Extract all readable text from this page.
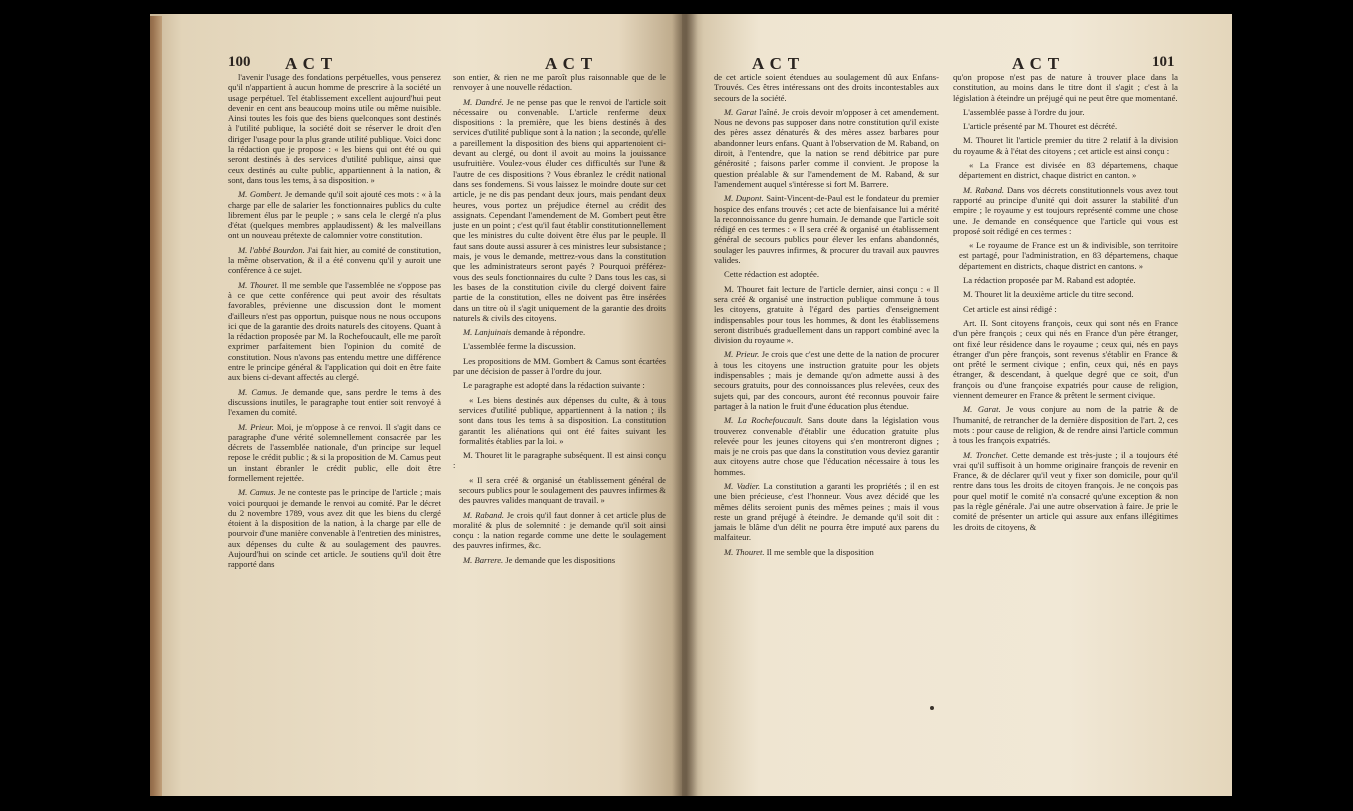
100 A C T	A C T

l'avenir l'usage des fondations perpétuelles, vous penserez qu'il n'appartient à aucun homme de prescrire à la société un usage perpétuel. Tel établissement excellent aujourd'hui peut devenir en cent ans beaucoup moins utile ou même nuisible. Ainsi toutes les fois que des biens quelconques sont destinés à l'utilité publique, la société doit se réserver le droit d'en diriger l'usage pour la plus grande utilité publique. Voici donc la rédaction que je propose : « les biens qui ont été ou qui seront destinés à des services d'utilité publique, ainsi que ceux destinés au culte public, appartiennent à la nation, & sont, dans tous les tems, à sa disposition. »

M. Gombert. Je demande qu'il soit ajouté ces mots : « à la charge par elle de salarier les fonctionnaires publics du culte librement élus par le peuple ; » sans cela le clergé n'a plus d'état (quelques membres applaudissent) & les malveillans ont un nouveau prétexte de calomnier votre constitution.

M. l'abbé Bourdon. J'ai fait hier, au comité de constitution, la même observation, & il a été convenu qu'il y auroit une conférence à ce sujet.

M. Thouret. Il me semble que l'assemblée ne s'oppose pas à ce que cette conférence qui peut avoir des résultats favorables, prévienne une discussion dont le moment d'ailleurs n'est pas opportun, puisque nous ne nous occupons ici que de la garantie des droits naturels des citoyens. Quant à la rédaction proposée par M. la Rochefoucault, elle me paroît exprimer parfaitement bien l'opinion du comité de constitution. Nous n'avons pas entendu mettre une différence entre le principe général & l'application qui doit en être faite aux biens ci-devant affectés au clergé.

M. Camus. Je demande que, sans perdre le tems à des discussions inutiles, le paragraphe tout entier soit renvoyé à l'examen du comité.

M. Prieur. Moi, je m'oppose à ce renvoi. Il s'agit dans ce paragraphe d'une vérité solemnellement consacrée par les décrets de l'assemblée nationale, d'un principe sur lequel repose le crédit public ; & si la proposition de M. Camus peut un instant ébranler le crédit public, elle doit être formellement rejettée.

M. Camus. Je ne conteste pas le principe de l'article ; mais voici pourquoi je demande le renvoi au comité. Par le décret du 2 novembre 1789, vous avez dit que les biens du clergé étoient à la disposition de la nation, à la charge par elle de pourvoir d'une manière convenable à l'entretien des ministres, aux dépenses du culte & au soulagement des pauvres. Aujourd'hui on scinde cet article. Je soutiens qu'il doit être rapporté dans

son entier, & rien ne me paroît plus raisonnable que de le renvoyer à une nouvelle rédaction.

M. Dandré. Je ne pense pas que le renvoi de l'article soit nécessaire ou convenable. L'article renferme deux dispositions : la première, que les biens destinés à des services d'utilité publique sont à la nation ; la seconde, qu'elle a pareillement la disposition des biens qui appartenoient ci-devant au clergé, ou dont il avoit au moins la jouissance usufruitière. Voulez-vous éluder ces difficultés sur l'une & l'autre de ces dispositions ? Vous ébranlez le crédit national dans ses fondemens. Si vous laissez le moindre doute sur cet article, je ne dis pas pendant deux jours, mais pendant deux heures, vous portez un préjudice éternel au crédit des assignats. Cependant l'amendement de M. Gombert peut être juste en un point ; c'est qu'il faut établir constitutionnellement que les ministres du culte doivent être élus par le peuple. Il faut sans doute aussi assurer à ces ministres leur subsistance ; mais, je vous le demande, mettrez-vous dans la constitution que les administrateurs seront payés ? Pourquoi préférez-vous des seuls fonctionnaires du culte ? Dans tous les cas, si les bases de la constitution civile du clergé doivent faire partie de la constitution, elles ne doivent pas être insérées dans un titre où il s'agit uniquement de la garantie des droits naturels & civils des citoyens.

M. Lanjuinais demande à répondre.

L'assemblée ferme la discussion.

Les propositions de MM. Gombert & Camus sont écartées par une décision de passer à l'ordre du jour.

Le paragraphe est adopté dans la rédaction suivante :

« Les biens destinés aux dépenses du culte, & à tous services d'utilité publique, appartiennent à la nation ; ils sont dans tous les tems à sa disposition. La constitution garantit les aliénations qui ont été faites suivant les formalités établies par la loi. »

M. Thouret lit le paragraphe subséquent. Il est ainsi conçu :

« Il sera créé & organisé un établissement général de secours publics pour le soulagement des pauvres infirmes & des pauvres valides manquant de travail. »

M. Raband. Je crois qu'il faut donner à cet article plus de moralité & plus de solemnité : je demande qu'il soit ainsi conçu : la nation regarde comme une dette le soulagement des pauvres infirmes, &c.

M. Barrere. Je demande que les dispositions

A C T	A C T	101

de cet article soient étendues au soulagement dû aux Enfans-Trouvés. Ces êtres intéressans ont des droits incontestables aux secours de la société.

M. Garat l'aîné. Je crois devoir m'opposer à cet amendement. Nous ne devons pas supposer dans notre constitution qu'il existe des pères assez dénaturés & des mères assez barbares pour abandonner leurs enfans. Quant à l'observation de M. Raband, on diroit, à l'entendre, que la nation se rend débitrice par pure générosité ; faisons parler comme il convient. Je propose la question préalable & sur l'amendement de M. Raband, & sur l'amendement auquel s'intéresse si fort M. Barrere.

M. Dupont. Saint-Vincent-de-Paul est le fondateur du premier hospice des enfans trouvés ; cet acte de bienfaisance lui a mérité la reconnoissance du genre humain. Je demande que l'article soit rédigé en ces termes : « Il sera créé & organisé un établissement général de secours publics pour élever les enfans abandonnés, soulager les pauvres infirmes, & procurer du travail aux pauvres valides.

Cette rédaction est adoptée.

M. Thouret fait lecture de l'article dernier, ainsi conçu : « Il sera créé & organisé une instruction publique commune à tous les citoyens, gratuite à l'égard des parties d'enseignement indispensables pour tous les hommes, & dont les établissemens seront distribués graduellement dans un rapport combiné avec la division du royaume ».

M. Prieur. Je crois que c'est une dette de la nation de procurer à tous les citoyens une instruction gratuite pour les objets indispensables ; mais je demande qu'on admette aussi à des secours gratuits, pour des connoissances plus relevées, ceux des sujets qui, par des concours, auront été reconnus pouvoir faire partager à la nation le fruit d'une éducation plus étendue.

M. La Rochefoucault. Sans doute dans la législation vous trouverez convenable d'établir une éducation gratuite plus relevée pour les jeunes citoyens qui s'en montreront dignes ; mais je ne crois pas que dans la constitution vous deviez garantir aux citoyens autre chose que l'éducation nécessaire à tous les hommes.

M. Vadier. La constitution a garanti les propriétés ; il en est une bien précieuse, c'est l'honneur. Vous avez décidé que les mêmes délits seroient punis des mêmes peines ; mais il vous reste un grand préjugé à éteindre. Je demande qu'il soit dit : jamais le blâme d'un délit ne pourra être imputé aux parens du malfaiteur.

M. Thouret. Il me semble que la disposition

qu'on propose n'est pas de nature à trouver place dans la constitution, au moins dans le titre dont il s'agit ; c'est à la législation à éteindre un préjugé qui ne peut être que momentané.

L'assemblée passe à l'ordre du jour.

L'article présenté par M. Thouret est décrété.

M. Thouret lit l'article premier du titre 2 relatif à la division du royaume & à l'état des citoyens ; cet article est ainsi conçu :

« La France est divisée en 83 départemens, chaque département en district, chaque district en canton. »

M. Raband. Dans vos décrets constitutionnels vous avez tout rapporté au principe d'unité qui doit assurer la stabilité d'un empire ; le royaume y est toujours représenté comme une chose une. Je demande en conséquence que l'article qui vous est proposé soit rédigé en ces termes :

« Le royaume de France est un & indivisible, son territoire est partagé, pour l'administration, en 83 départemens, chaque département en districts, chaque district en cantons. »

La rédaction proposée par M. Raband est adoptée.

M. Thouret lit la deuxième article du titre second.

Cet article est ainsi rédigé :

Art. II. Sont citoyens françois, ceux qui sont nés en France d'un père françois ; ceux qui nés en France d'un père étranger, ont fixé leur résidence dans le royaume ; ceux qui, nés en pays étranger d'un père françois, sont revenus s'établir en France & ont prêté le serment civique ; enfin, ceux qui, nés en pays étranger, & descendant, à quelque degré que ce soit, d'un françois ou d'une françoise expatriés pour cause de religion, viennent demeurer en France & prêtent le serment civique.

M. Garat. Je vous conjure au nom de la patrie & de l'humanité, de retrancher de la dernière disposition de l'art. 2, ces mots : pour cause de religion, & de rendre ainsi l'article commun à tous les françois expatriés.

M. Tronchet. Cette demande est très-juste ; il a toujours été vrai qu'il suffisoit à un homme originaire françois de revenir en France, & de déclarer qu'il veut y fixer son domicile, pour qu'il rentre dans tous les droits de citoyen françois. Je ne conçois pas pour quel motif le comité n'a consacré qu'une exception & non pas la règle générale. J'ai une autre observation à faire. Je prie le comité de présenter un article qui assure aux enfans illégitimes les droits de citoyens, &
